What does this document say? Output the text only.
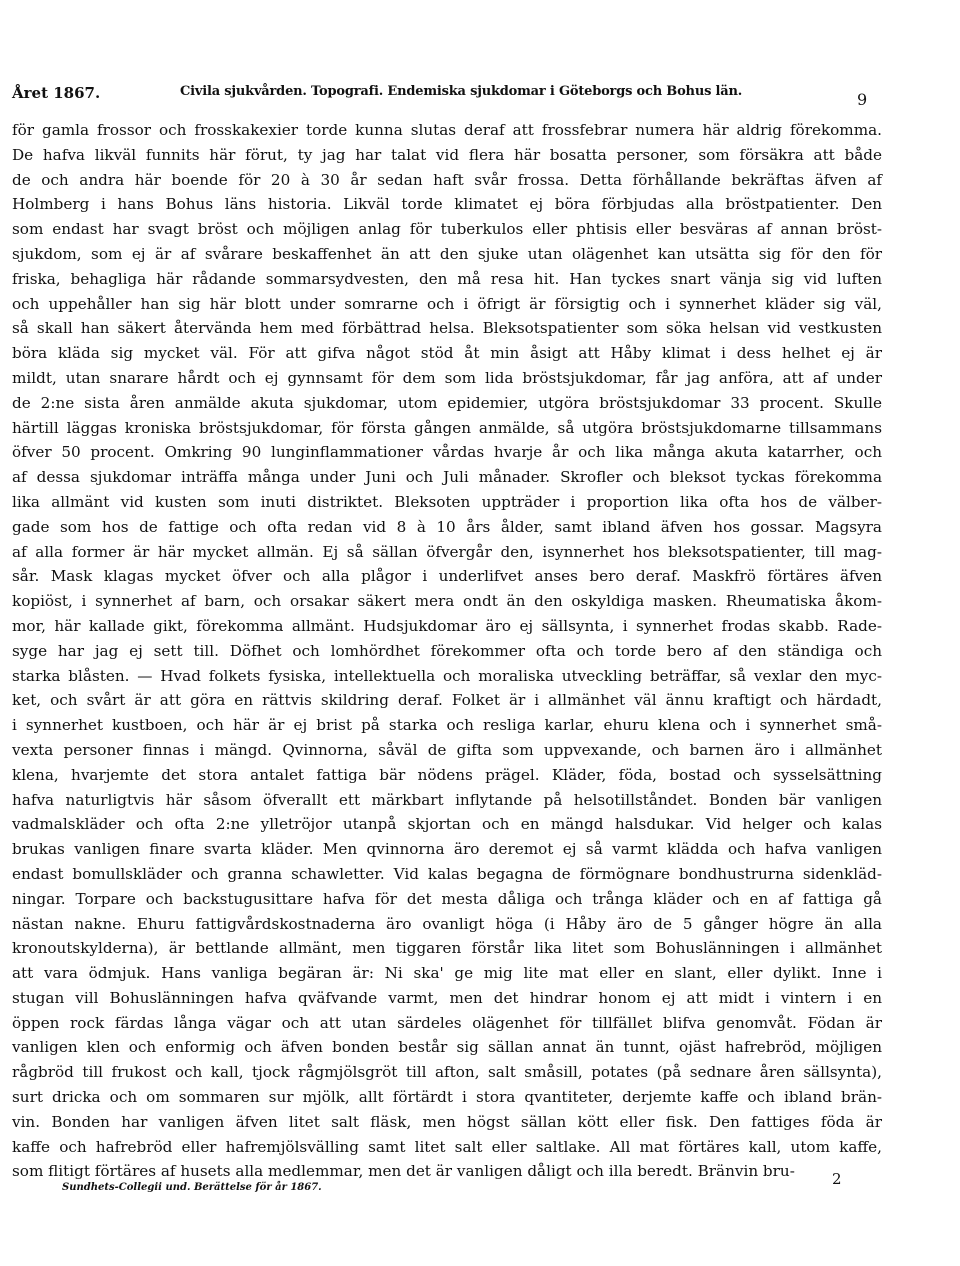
Året 1867.	Civila sjukvården. Topografi. Endemiska sjukdomar i Göteborgs och Bohus län.	9
för gamla frossor och frosskakexier torde kunna slutas deraf att frossfebrar numera här aldrig förekomma.
De hafva likväl funnits här förut, ty jag har talat vid flera här bosatta personer, som försäkra att både
de och andra här boende för 20 à 30 år sedan haft svår frossa. Detta förhållande bekräftas äfven af
Holmberg i hans Bohus läns historia. Likväl torde klimatet ej böra förbjudas alla bröstpatienter. Den
som endast har svagt bröst och möjligen anlag för tuberkulos eller phtisis eller besväras af annan bröst-
sjukdom, som ej är af svårare beskaffenhet än att den sjuke utan olägenhet kan utsätta sig för den för
friska, behagliga här rådande sommarsydvesten, den må resa hit. Han tyckes snart vänja sig vid luften
och uppehåller han sig här blott under somrarne och i öfrigt är försigtig och i synnerhet kläder sig väl,
så skall han säkert återvända hem med förbättrad helsa. Bleksotspatienter som söka helsan vid vestkusten
böra kläda sig mycket väl. För att gifva något stöd åt min åsigt att Håby klimat i dess helhet ej är
mildt, utan snarare hårdt och ej gynnsamt för dem som lida bröstsjukdomar, får jag anföra, att af under
de 2:ne sista åren anmälde akuta sjukdomar, utom epidemier, utgöra bröstsjukdomar 33 procent. Skulle
härtill läggas kroniska bröstsjukdomar, för första gången anmälde, så utgöra bröstsjukdomarne tillsammans
öfver 50 procent. Omkring 90 lunginflammationer vårdas hvarje år och lika många akuta katarrher, och
af dessa sjukdomar inträffa många under Juni och Juli månader. Skrofler och bleksot tyckas förekomma
lika allmänt vid kusten som inuti distriktet. Bleksoten uppträder i proportion lika ofta hos de välber-
gade som hos de fattige och ofta redan vid 8 à 10 års ålder, samt ibland äfven hos gossar. Magsyra
af alla former är här mycket allmän. Ej så sällan öfvergår den, isynnerhet hos bleksotspatienter, till mag-
sår. Mask klagas mycket öfver och alla plågor i underlifvet anses bero deraf. Maskfrö förtäres äfven
kopiöst, i synnerhet af barn, och orsakar säkert mera ondt än den oskyldiga masken. Rheumatiska åkom-
mor, här kallade gikt, förekomma allmänt. Hudsjukdomar äro ej sällsynta, i synnerhet frodas skabb. Rade-
syge har jag ej sett till. Döfhet och lomhördhet förekommer ofta och torde bero af den ständiga och
starka blåsten. — Hvad folkets fysiska, intellektuella och moraliska utveckling beträffar, så vexlar den myc-
ket, och svårt är att göra en rättvis skildring deraf. Folket är i allmänhet väl ännu kraftigt och härdadt,
i synnerhet kustboen, och här är ej brist på starka och resliga karlar, ehuru klena och i synnerhet små-
vexta personer finnas i mängd. Qvinnorna, såväl de gifta som uppvexande, och barnen äro i allmänhet
klena, hvarjemte det stora antalet fattiga bär nödens prägel. Kläder, föda, bostad och sysselsättning
hafva naturligtvis här såsom öfverallt ett märkbart inflytande på helsotillståndet. Bonden bär vanligen
vadmalskläder och ofta 2:ne ylletröjor utanpå skjortan och en mängd halsdukar. Vid helger och kalas
brukas vanligen finare svarta kläder. Men qvinnorna äro deremot ej så varmt klädda och hafva vanligen
endast bomullskläder och granna schawletter. Vid kalas begagna de förmögnare bondhustrurna sidenkläd-
ningar. Torpare och backstugusittare hafva för det mesta dåliga och trånga kläder och en af fattiga gå
nästan nakne. Ehuru fattigvårdskostnaderna äro ovanligt höga (i Håby äro de 5 gånger högre än alla
kronoutskylderna), är bettlande allmänt, men tiggaren förstår lika litet som Bohuslänningen i allmänhet
att vara ödmjuk. Hans vanliga begäran är: Ni ska' ge mig lite mat eller en slant, eller dylikt. Inne i
stugan vill Bohuslänningen hafva qväfvande varmt, men det hindrar honom ej att midt i vintern i en
öppen rock färdas långa vägar och att utan särdeles olägenhet för tillfället blifva genomvåt. Födan är
vanligen klen och enformig och äfven bonden består sig sällan annat än tunnt, ojäst hafrebröd, möjligen
rågbröd till frukost och kall, tjock rågmjölsgröt till afton, salt småsill, potates (på sednare åren sällsynta),
surt dricka och om sommaren sur mjölk, allt förtärdt i stora qvantiteter, derjemte kaffe och ibland brän-
vin. Bonden har vanligen äfven litet salt fläsk, men högst sällan kött eller fisk. Den fattiges föda är
kaffe och hafrebröd eller hafremjölsvälling samt litet salt eller saltlake. All mat förtäres kall, utom kaffe,
som flitigt förtäres af husets alla medlemmar, men det är vanligen dåligt och illa beredt. Bränvin bru-
Sundhets-Collegii und. Berättelse för år 1867.	2
